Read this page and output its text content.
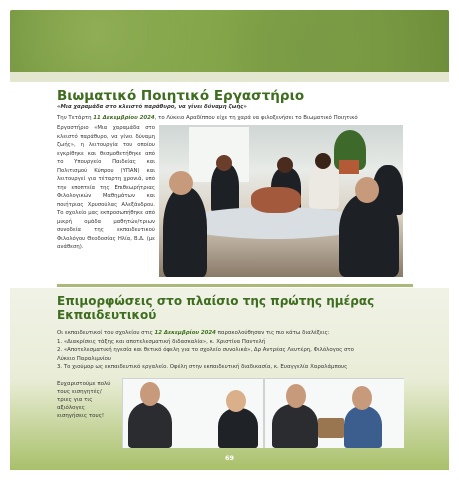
Βιωματικό Ποιητικό Εργαστήριο
«Μια χαραμάδα στο κλειστό παράθυρο, να γίνει δύναμη ζωής»
Την Τετάρτη 11 Δεκεμβρίου 2024, το Λύκειο Αραδίππου είχε τη χαρά να φιλοξενήσει το Βιωματικό Ποιητικό
Εργαστήριο «Μια χαραμάδα στο κλειστό παράθυρο, να γίνει δύναμη ζωής», η λειτουργία του οποίου εγκρίθηκε και θεσμοθετήθηκε από το Υπουργείο Παιδείας και Πολιτισμού Κύπρου (ΥΠΑΝ) και λειτουργεί για τέταρτη χρονιά, υπό την εποπτεία της Επιθεωρήτριας Φιλολογικών Μαθημάτων και ποιήτριας Χρυσούλας Αλεξάνδρου. Το σχολείο μας εκπροσωπήθηκε από μικρή ομάδα μαθητών/τριων συνοδεία της εκπαιδευτικού Φιλολόγου Θεοδοσίας Ηλία, Β.Δ. (με ανάθεση).
Επιμορφώσεις στο πλαίσιο της πρώτης ημέρας Εκπαιδευτικού
Οι εκπαιδευτικοί του σχολείου στις 12 Δεκεμβρίου 2024 παρακολούθησαν τις πιο κάτω διαλέξεις:
1. «Διακρίσεις τάξης και αποτελεσματική διδασκαλία», κ. Χριστίνα Παντελή
2. «Αποτελεσματική ηγεσία και θετικό όφελη για το σχολείο συνολικά», Δρ Αντρέας Λευτέρη, Φιλόλογος στο
Λύκειο Παραλιμνίου
3. Το χιούμορ ως εκπαιδευτικό εργαλείο. Οφέλη στην εκπαιδευτική διαδικασία, κ. Ευαγγελία Χαραλάμπους
Ευχαριστούμε πολύ τους εισηγητές/τριες για τις αξιόλογες εισηγήσεις τους!
69
